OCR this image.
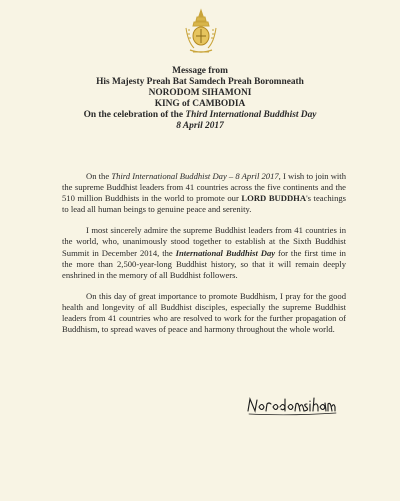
Message from
His Majesty Preah Bat Samdech Preah Boromneath
NORODOM SIHAMONI
KING of CAMBODIA
On the celebration of the Third International Buddhist Day
8 April 2017

On the Third International Buddhist Day – 8 April 2017, I wish to join with the supreme Buddhist leaders from 41 countries across the five continents and the 510 million Buddhists in the world to promote our LORD BUDDHA's teachings to lead all human beings to genuine peace and serenity.

I most sincerely admire the supreme Buddhist leaders from 41 countries in the world, who, unanimously stood together to establish at the Sixth Buddhist Summit in December 2014, the International Buddhist Day for the first time in the more than 2,500-year-long Buddhist history, so that it will remain deeply enshrined in the memory of all Buddhist followers.

On this day of great importance to promote Buddhism, I pray for the good health and longevity of all Buddhist disciples, especially the supreme Buddhist leaders from 41 countries who are resolved to work for the further propagation of Buddhism, to spread waves of peace and harmony throughout the whole world.
